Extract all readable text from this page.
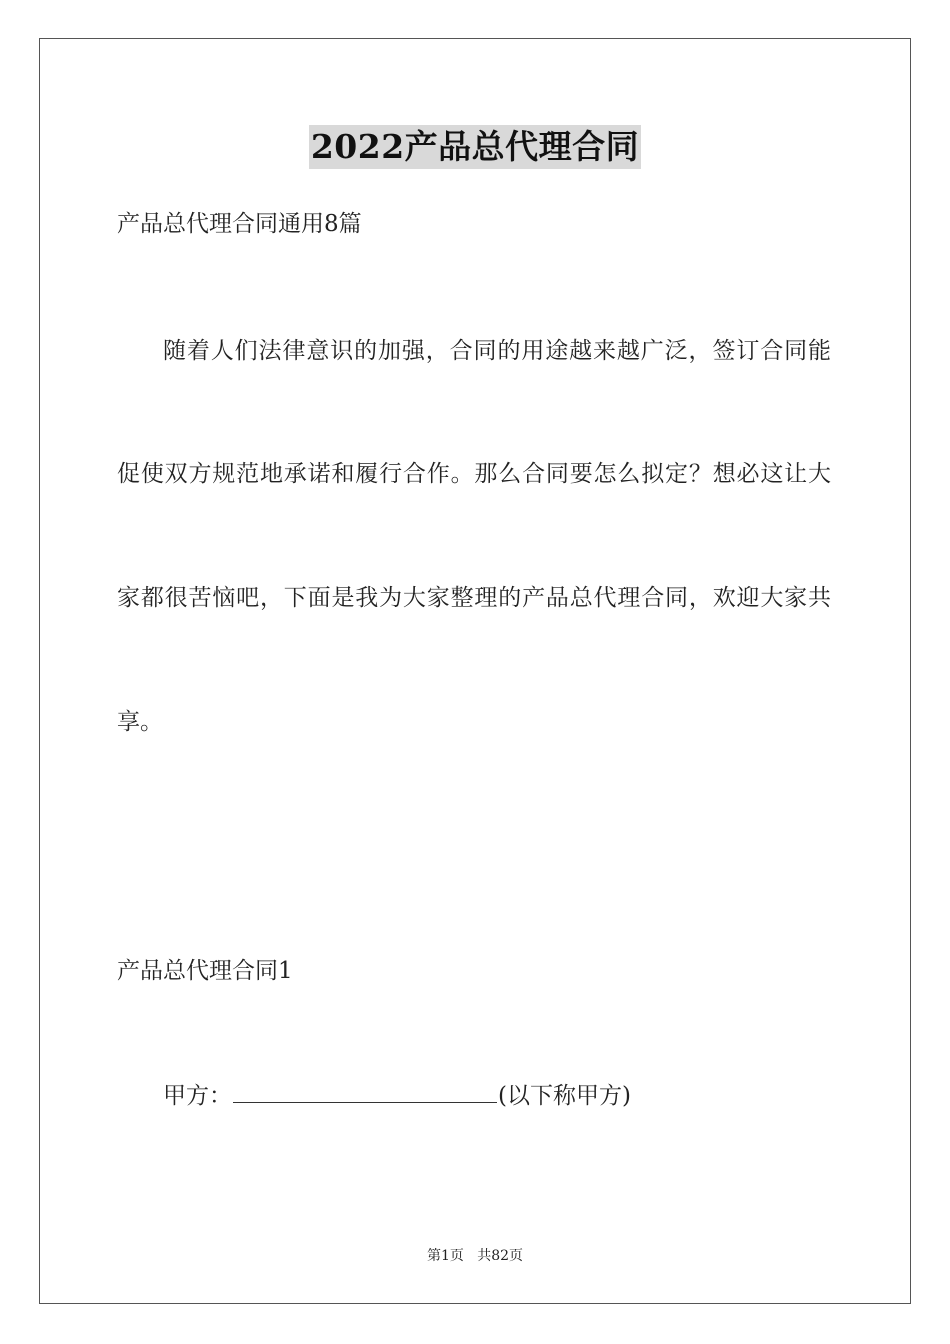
2022产品总代理合同
产品总代理合同通用8篇
随着人们法律意识的加强，合同的用途越来越广泛，签订合同能
促使双方规范地承诺和履行合作。那么合同要怎么拟定？想必这让大
家都很苦恼吧，下面是我为大家整理的产品总代理合同，欢迎大家共
享。
产品总代理合同1
甲方：	(以下称甲方)
第1页   共82页
